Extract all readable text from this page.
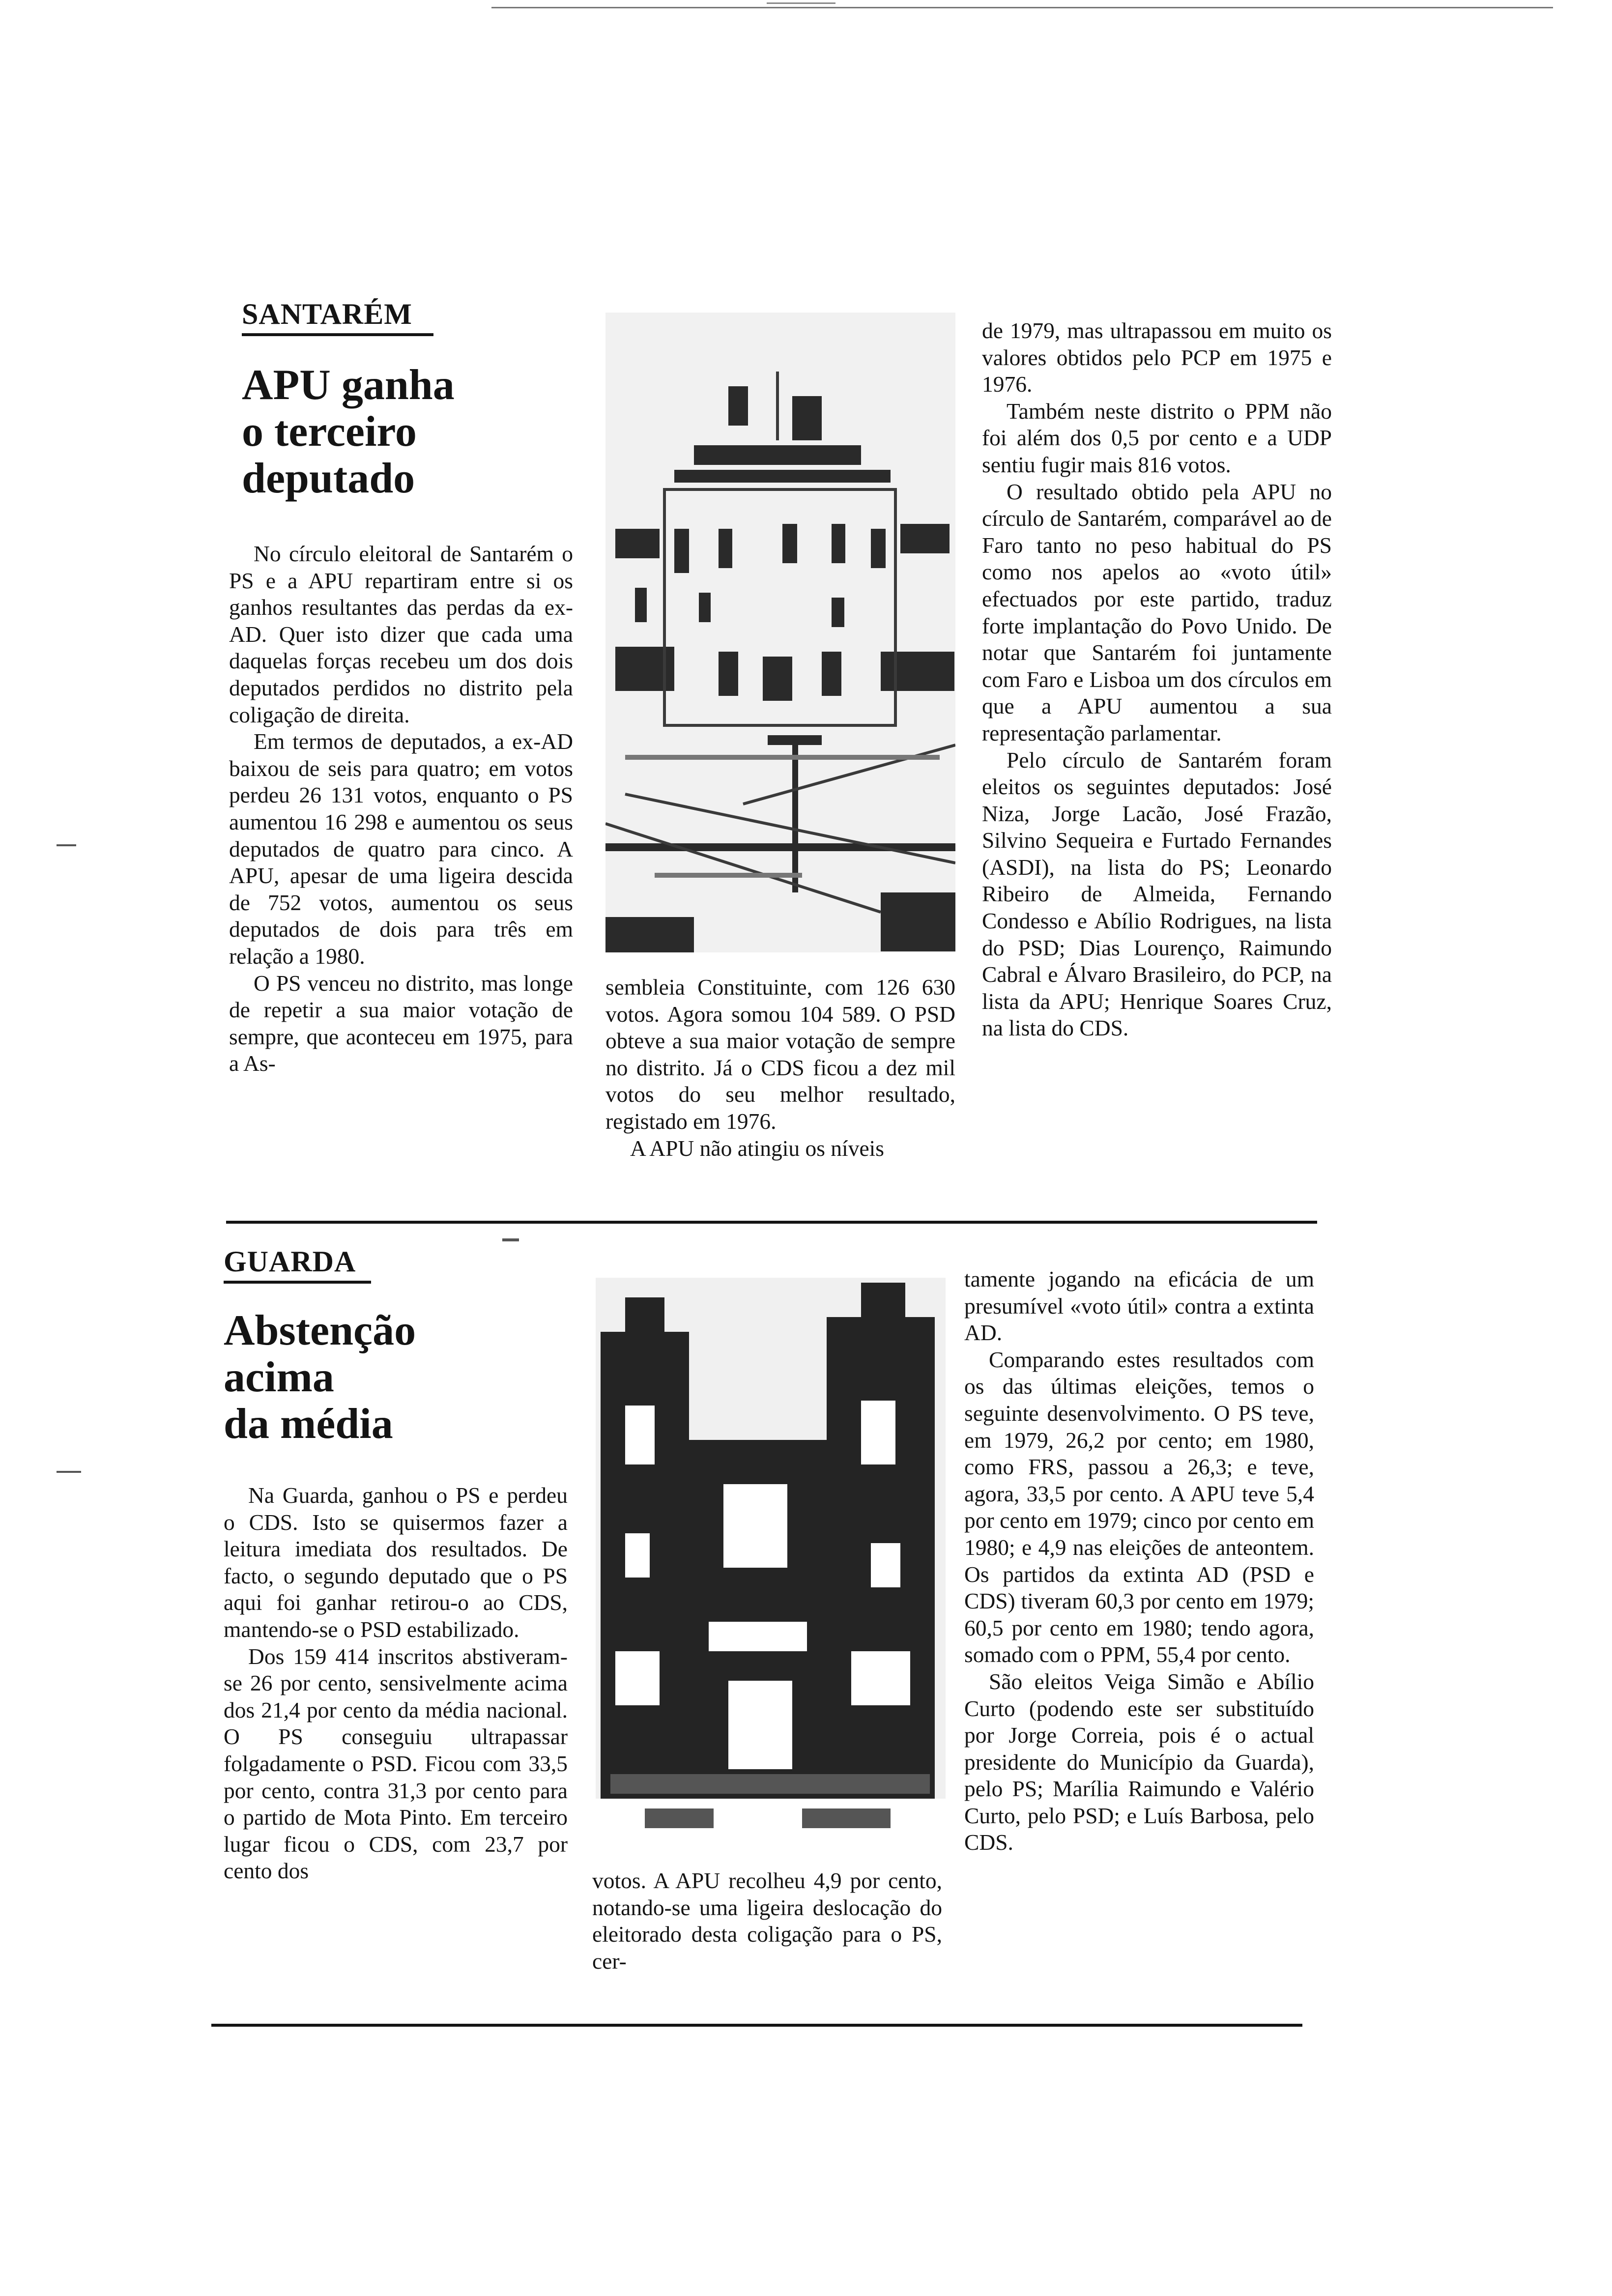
SANTARÉM
APU ganha
o terceiro
deputado

No círculo eleitoral de Santarém o PS e a APU repartiram entre si os ganhos resultantes das perdas da ex-AD. Quer isto dizer que cada uma daquelas forças recebeu um dos dois deputados perdidos no distrito pela coligação de direita.

Em termos de deputados, a ex-AD baixou de seis para quatro; em votos perdeu 26 131 votos, enquanto o PS aumentou 16 298 e aumentou os seus deputados de quatro para cinco. A APU, apesar de uma ligeira descida de 752 votos, aumentou os seus deputados de dois para três em relação a 1980.

O PS venceu no distrito, mas longe de repetir a sua maior votação de sempre, que aconteceu em 1975, para a As-

sembleia Constituinte, com 126 630 votos. Agora somou 104 589. O PSD obteve a sua maior votação de sempre no distrito. Já o CDS ficou a dez mil votos do seu melhor resultado, registado em 1976.

A APU não atingiu os níveis

de 1979, mas ultrapassou em muito os valores obtidos pelo PCP em 1975 e 1976.

Também neste distrito o PPM não foi além dos 0,5 por cento e a UDP sentiu fugir mais 816 votos.

O resultado obtido pela APU no círculo de Santarém, comparável ao de Faro tanto no peso habitual do PS como nos apelos ao «voto útil» efectuados por este partido, traduz forte implantação do Povo Unido. De notar que Santarém foi juntamente com Faro e Lisboa um dos círculos em que a APU aumentou a sua representação parlamentar.

Pelo círculo de Santarém foram eleitos os seguintes deputados: José Niza, Jorge Lacão, José Frazão, Silvino Sequeira e Furtado Fernandes (ASDI), na lista do PS; Leonardo Ribeiro de Almeida, Fernando Condesso e Abílio Rodrigues, na lista do PSD; Dias Lourenço, Raimundo Cabral e Álvaro Brasileiro, do PCP, na lista da APU; Henrique Soares Cruz, na lista do CDS.

GUARDA
Abstenção
acima
da média

Na Guarda, ganhou o PS e perdeu o CDS. Isto se quisermos fazer a leitura imediata dos resultados. De facto, o segundo deputado que o PS aqui foi ganhar retirou-o ao CDS, mantendo-se o PSD estabilizado.

Dos 159 414 inscritos abstiveram-se 26 por cento, sensivelmente acima dos 21,4 por cento da média nacional. O PS conseguiu ultrapassar folgadamente o PSD. Ficou com 33,5 por cento, contra 31,3 por cento para o partido de Mota Pinto. Em terceiro lugar ficou o CDS, com 23,7 por cento dos	votos. A APU recolheu 4,9 por cento, notando-se uma ligeira deslocação do eleitorado desta coligação para o PS, cer-

tamente jogando na eficácia de um presumível «voto útil» contra a extinta AD.

Comparando estes resultados com os das últimas eleições, temos o seguinte desenvolvimento. O PS teve, em 1979, 26,2 por cento; em 1980, como FRS, passou a 26,3; e teve, agora, 33,5 por cento. A APU teve 5,4 por cento em 1979; cinco por cento em 1980; e 4,9 nas eleições de anteontem. Os partidos da extinta AD (PSD e CDS) tiveram 60,3 por cento em 1979; 60,5 por cento em 1980; tendo agora, somado com o PPM, 55,4 por cento.

São eleitos Veiga Simão e Abílio Curto (podendo este ser substituído por Jorge Correia, pois é o actual presidente do Município da Guarda), pelo PS; Marília Raimundo e Valério Curto, pelo PSD; e Luís Barbosa, pelo CDS.
